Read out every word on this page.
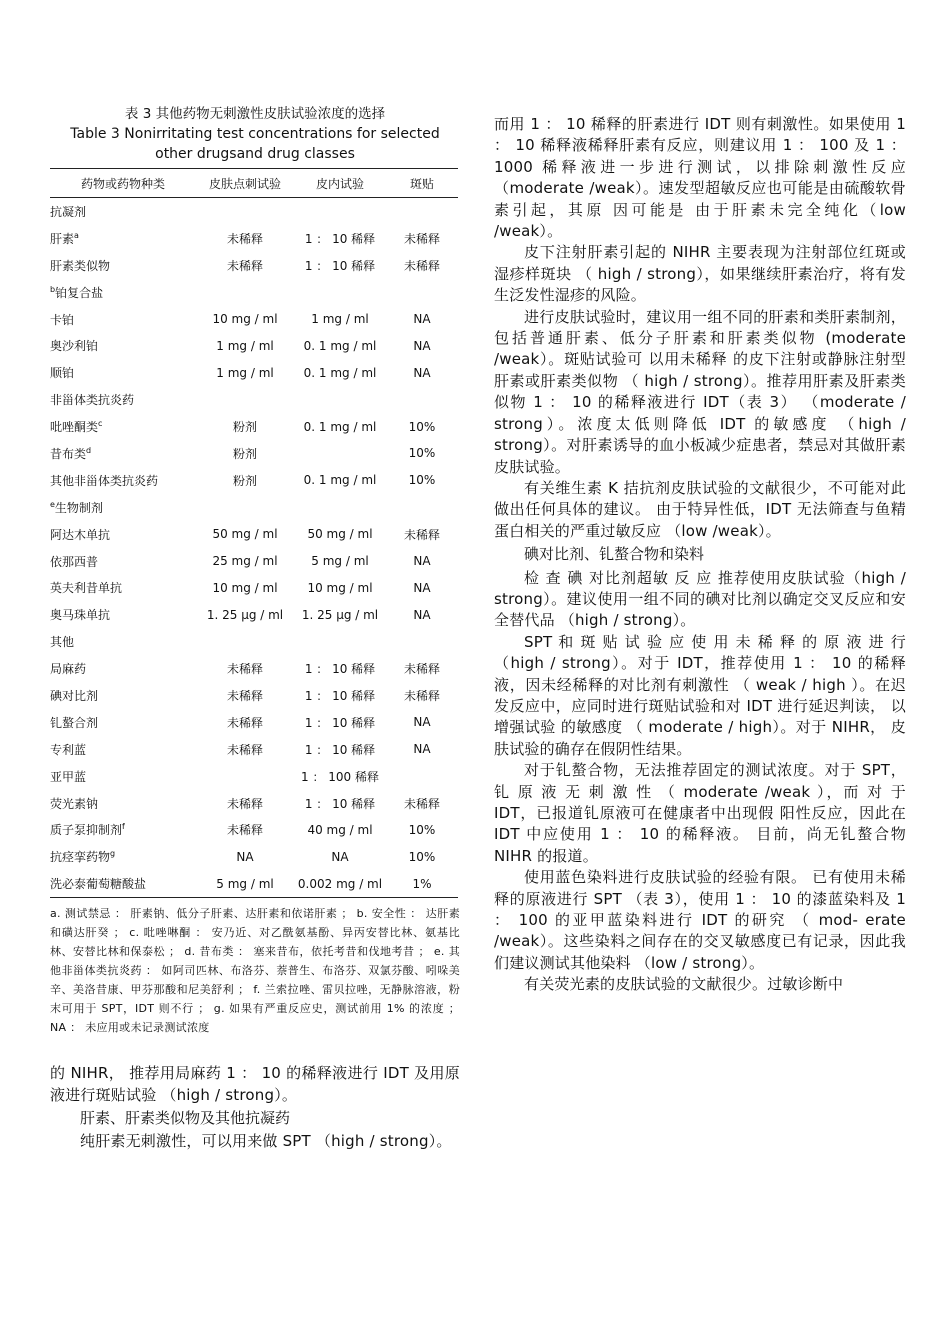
表 3 其他药物无刺激性皮肤试验浓度的选择
Table 3 Nonirritating test concentrations for selected
other drugsand drug classes
药物或药物种类	皮肤点刺试验	皮内试验	斑贴
抗凝剂			
肝素$^a$	未稀释	1 ： 10 稀释	未稀释
肝素类似物	未稀释	1 ： 10 稀释	未稀释
$^b$铂复合盐			
卡铂	10 mg / ml	1 mg / ml	NA
奥沙利铂	1 mg / ml	0. 1 mg / ml	NA
顺铂	1 mg / ml	0. 1 mg / ml	NA
非甾体类抗炎药			
吡唑酮类$^c$	粉剂	0. 1 mg / ml	10%
昔布类$^d$	粉剂		10%
其他非甾体类抗炎药	粉剂	0. 1 mg / ml	10%
$^e$生物制剂			
阿达木单抗	50 mg / ml	50 mg / ml	未稀释
依那西普	25 mg / ml	5 mg / ml	NA
英夫利昔单抗	10 mg / ml	10 mg / ml	NA
奥马珠单抗	1. 25 μg / ml	1. 25 μg / ml	NA
其他			
局麻药	未稀释	1 ： 10 稀释	未稀释
碘对比剂	未稀释	1 ： 10 稀释	未稀释
钆螯合剂	未稀释	1 ： 10 稀释	NA
专利蓝	未稀释	1 ： 10 稀释	NA
亚甲蓝		1 ： 100 稀释	
荧光素钠	未稀释	1 ： 10 稀释	未稀释
质子泵抑制剂$^f$	未稀释	40 mg / ml	10%
抗痉挛药物$^g$	NA	NA	10%
洗必泰葡萄糖酸盐	5 mg / ml	0.002 mg / ml	1%
a. 测试禁忌 ： 肝素钠、低分子肝素、达肝素和依诺肝素 ； b. 安全性 ： 达肝素和磺达肝癸 ； c. 吡唑啉酮 ： 安乃近、对乙酰氨基酚、异丙安替比林、氨基比林、安替比林和保泰松 ； d. 昔布类 ： 塞来昔布，依托考昔和伐地考昔 ； e. 其他非甾体类抗炎药 ： 如阿司匹林、布洛芬、萘普生、布洛芬、双氯芬酸、吲哚美辛、美洛昔康、甲芬那酸和尼美舒利 ； f. 兰索拉唑、雷贝拉唑，无静脉溶液，粉末可用于 SPT，IDT 则不行 ； g. 如果有严重反应史，测试前用 1% 的浓度 ； NA ： 未应用或未记录测试浓度

的 NIHR， 推荐用局麻药 1 ： 10 的稀释液进行 IDT 及用原液进行斑贴试验 （high / strong）。

肝素、肝素类似物及其他抗凝药

纯肝素无刺激性，可以用来做 SPT （high / strong）。

而用 1 ： 10 稀释的肝素进行 IDT 则有刺激性。如果使用 1 ： 10 稀释液稀释肝素有反应，则建议用 1 ： 100 及 1 ： 1000 稀释液进一步进行测试，以排除刺激性反应 （moderate /weak）。速发型超敏反应也可能是由硫酸软骨素引起，其原 因可能是 由于肝素未完全纯化（low /weak）。

皮下注射肝素引起的 NIHR 主要表现为注射部位红斑或湿疹样斑块 （ high / strong），如果继续肝素治疗，将有发生泛发性湿疹的风险。

进行皮肤试验时，建议用一组不同的肝素和类肝素制剂，包括普通肝素、低分子肝素和肝素类似物 (moderate /weak）。斑贴试验可 以用未稀释 的皮下注射或静脉注射型肝素或肝素类似物 （ high / strong）。推荐用肝素及肝素类似物 1 ： 10 的稀释液进行 IDT（表 3） （moderate / strong）。浓度太低则降低 IDT 的敏感度 （high / strong）。对肝素诱导的血小板减少症患者，禁忌对其做肝素皮肤试验。

有关维生素 K 拮抗剂皮肤试验的文献很少，不可能对此做出任何具体的建议。 由于特异性低，IDT 无法筛查与鱼精蛋白相关的严重过敏反应 （low /weak）。

碘对比剂、钆螯合物和染料

检 查 碘 对比剂超敏 反 应 推荐使用皮肤试验（high / strong）。建议使用一组不同的碘对比剂以确定交叉反应和安全替代品 （high / strong）。

SPT 和 斑 贴 试 验 应 使 用 未 稀 释 的 原 液 进 行（high / strong）。对于 IDT，推荐使用 1 ： 10 的稀释液，因未经稀释的对比剂有刺激性 （ weak / high ）。在迟发反应中，应同时进行斑贴试验和对 IDT 进行延迟判读， 以增强试验 的敏感度 （ moderate / high）。对于 NIHR， 皮肤试验的确存在假阴性结果。

对于钆螯合物，无法推荐固定的测试浓度。对于 SPT，钆 原 液 无 刺 激 性 （ moderate /weak ），而 对 于 IDT，已报道钆原液可在健康者中出现假 阳性反应，因此在 IDT 中应使用 1 ： 10 的稀释液。 目前，尚无钆螯合物 NIHR 的报道。

使用蓝色染料进行皮肤试验的经验有限。 已有使用未稀释的原液进行 SPT （表 3），使用 1 ： 10 的漆蓝染料及 1 ： 100 的亚甲蓝染料进行 IDT 的研究 （ mod- erate /weak）。这些染料之间存在的交叉敏感度已有记录，因此我们建议测试其他染料 （low / strong）。

有关荧光素的皮肤试验的文献很少。过敏诊断中
